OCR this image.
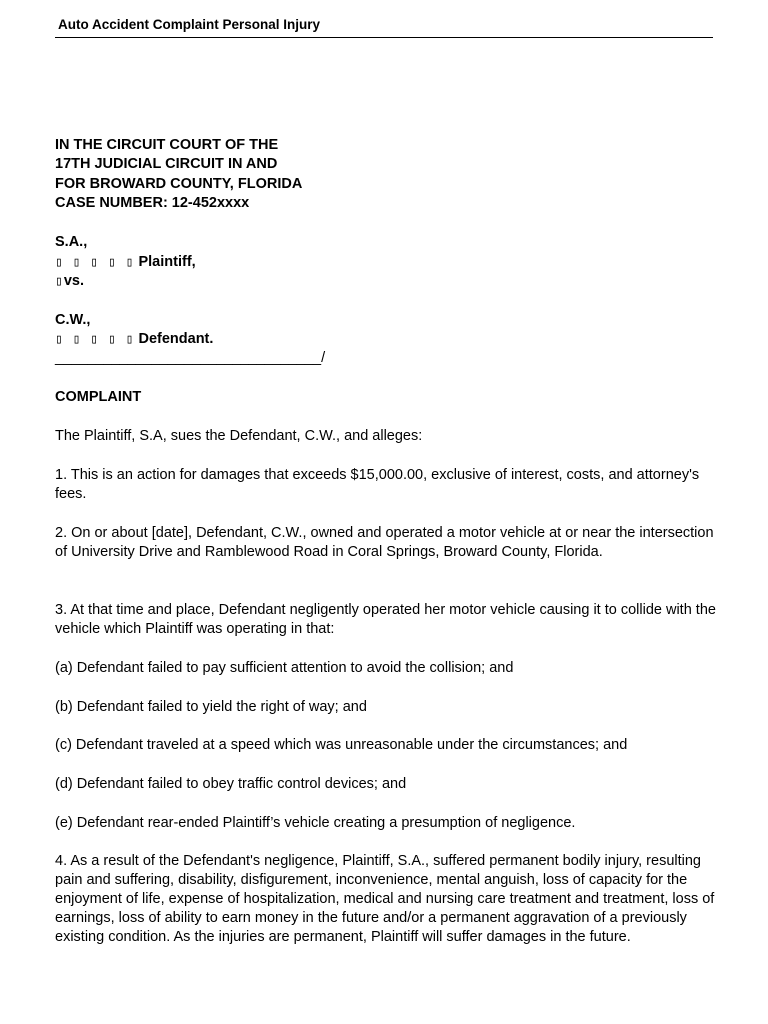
Auto Accident Complaint Personal Injury
IN THE CIRCUIT COURT OF THE
17TH JUDICIAL CIRCUIT IN AND
FOR BROWARD COUNTY, FLORIDA
CASE NUMBER: 12-452xxxx
S.A.,
▯ ▯ ▯ ▯ ▯ Plaintiff,
▯vs.
C.W.,
▯ ▯ ▯ ▯ ▯ Defendant.
_________________________________/
COMPLAINT
The Plaintiff, S.A, sues the Defendant, C.W., and alleges:
1. This is an action for damages that exceeds $15,000.00, exclusive of interest, costs, and attorney's fees.
2. On or about [date], Defendant, C.W., owned and operated a motor vehicle at or near the intersection of University Drive and Ramblewood Road in Coral Springs, Broward County, Florida.
3. At that time and place, Defendant negligently operated her motor vehicle causing it to collide with the vehicle which Plaintiff was operating in that:
(a) Defendant failed to pay sufficient attention to avoid the collision; and
(b) Defendant failed to yield the right of way; and
(c) Defendant traveled at a speed which was unreasonable under the circumstances; and
(d) Defendant failed to obey traffic control devices; and
(e) Defendant rear-ended Plaintiff’s vehicle creating a presumption of negligence.
4. As a result of the Defendant's negligence, Plaintiff, S.A., suffered permanent bodily injury, resulting pain and suffering, disability, disfigurement, inconvenience, mental anguish, loss of capacity for the enjoyment of life, expense of hospitalization, medical and nursing care treatment and treatment, loss of earnings, loss of ability to earn money in the future and/or a permanent aggravation of a previously existing condition. As the injuries are permanent, Plaintiff will suffer damages in the future.
